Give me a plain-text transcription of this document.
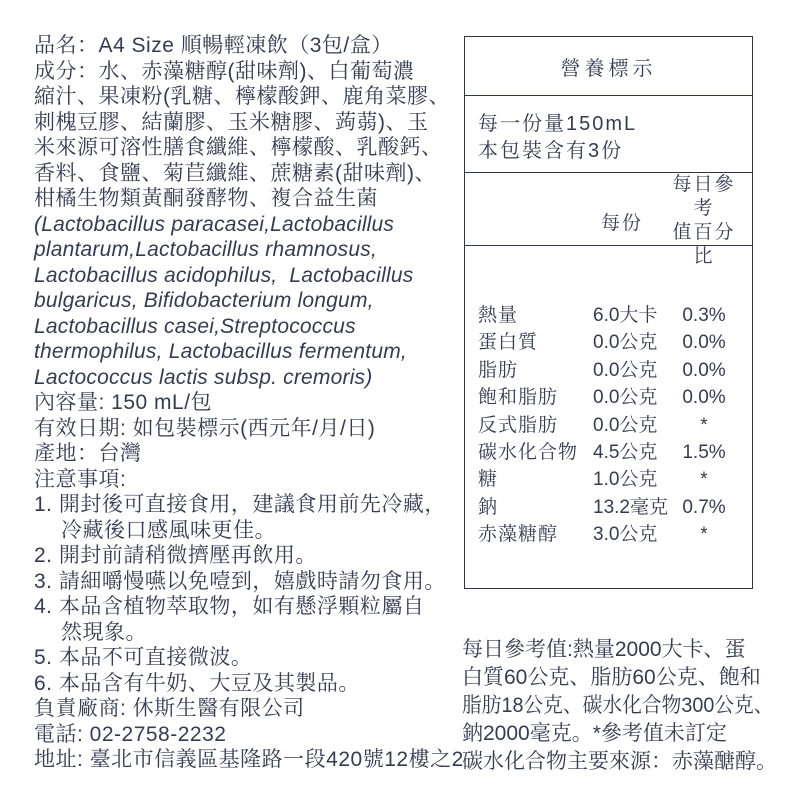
品名：A4 Size 順暢輕凍飲（3包/盒）
成分：水、赤藻糖醇(甜味劑)、白葡萄濃
縮汁、果凍粉(乳糖、檸檬酸鉀、鹿角菜膠、
刺槐豆膠、結蘭膠、玉米糖膠、蒟蒻)、玉
米來源可溶性膳食纖維、檸檬酸、乳酸鈣、
香料、食鹽、菊苣纖維、蔗糖素(甜味劑)、
柑橘生物類黃酮發酵物、複合益生菌
(Lactobacillus paracasei,Lactobacillus
plantarum,Lactobacillus rhamnosus,
Lactobacillus acidophilus,  Lactobacillus
bulgaricus, Bifidobacterium longum,
Lactobacillus casei,Streptococcus
thermophilus, Lactobacillus fermentum,
Lactococcus lactis subsp. cremoris)
內容量: 150 mL/包
有效日期: 如包裝標示(西元年/月/日)
產地：台灣
注意事項:
1. 開封後可直接食用，建議食用前先冷藏，
冷藏後口感風味更佳。
2. 開封前請稍微擠壓再飲用。
3. 請細嚼慢嚥以免噎到，嬉戲時請勿食用。
4. 本品含植物萃取物，如有懸浮顆粒屬自
然現象。
5. 本品不可直接微波。
6. 本品含有牛奶、大豆及其製品。
負責廠商: 休斯生醫有限公司
電話: 02-2758-2232
地址: 臺北市信義區基隆路一段420號12樓之2
營養標示
每一份量150mL
本包裝含有3份
每份
每日參考
值百分比
熱量	6.0大卡	0.3%
蛋白質	0.0公克	0.0%
脂肪	0.0公克	0.0%
飽和脂肪	0.0公克	0.0%
反式脂肪	0.0公克	*
碳水化合物 4.5公克	1.5%
糖	1.0公克	*
鈉	13.2毫克 0.7%
赤藻糖醇	3.0公克	*
每日參考值:熱量2000大卡、蛋
白質60公克、脂肪60公克、飽和
脂肪18公克、碳水化合物300公克、
鈉2000毫克。*參考值未訂定
碳水化合物主要來源：赤藻醣醇。
